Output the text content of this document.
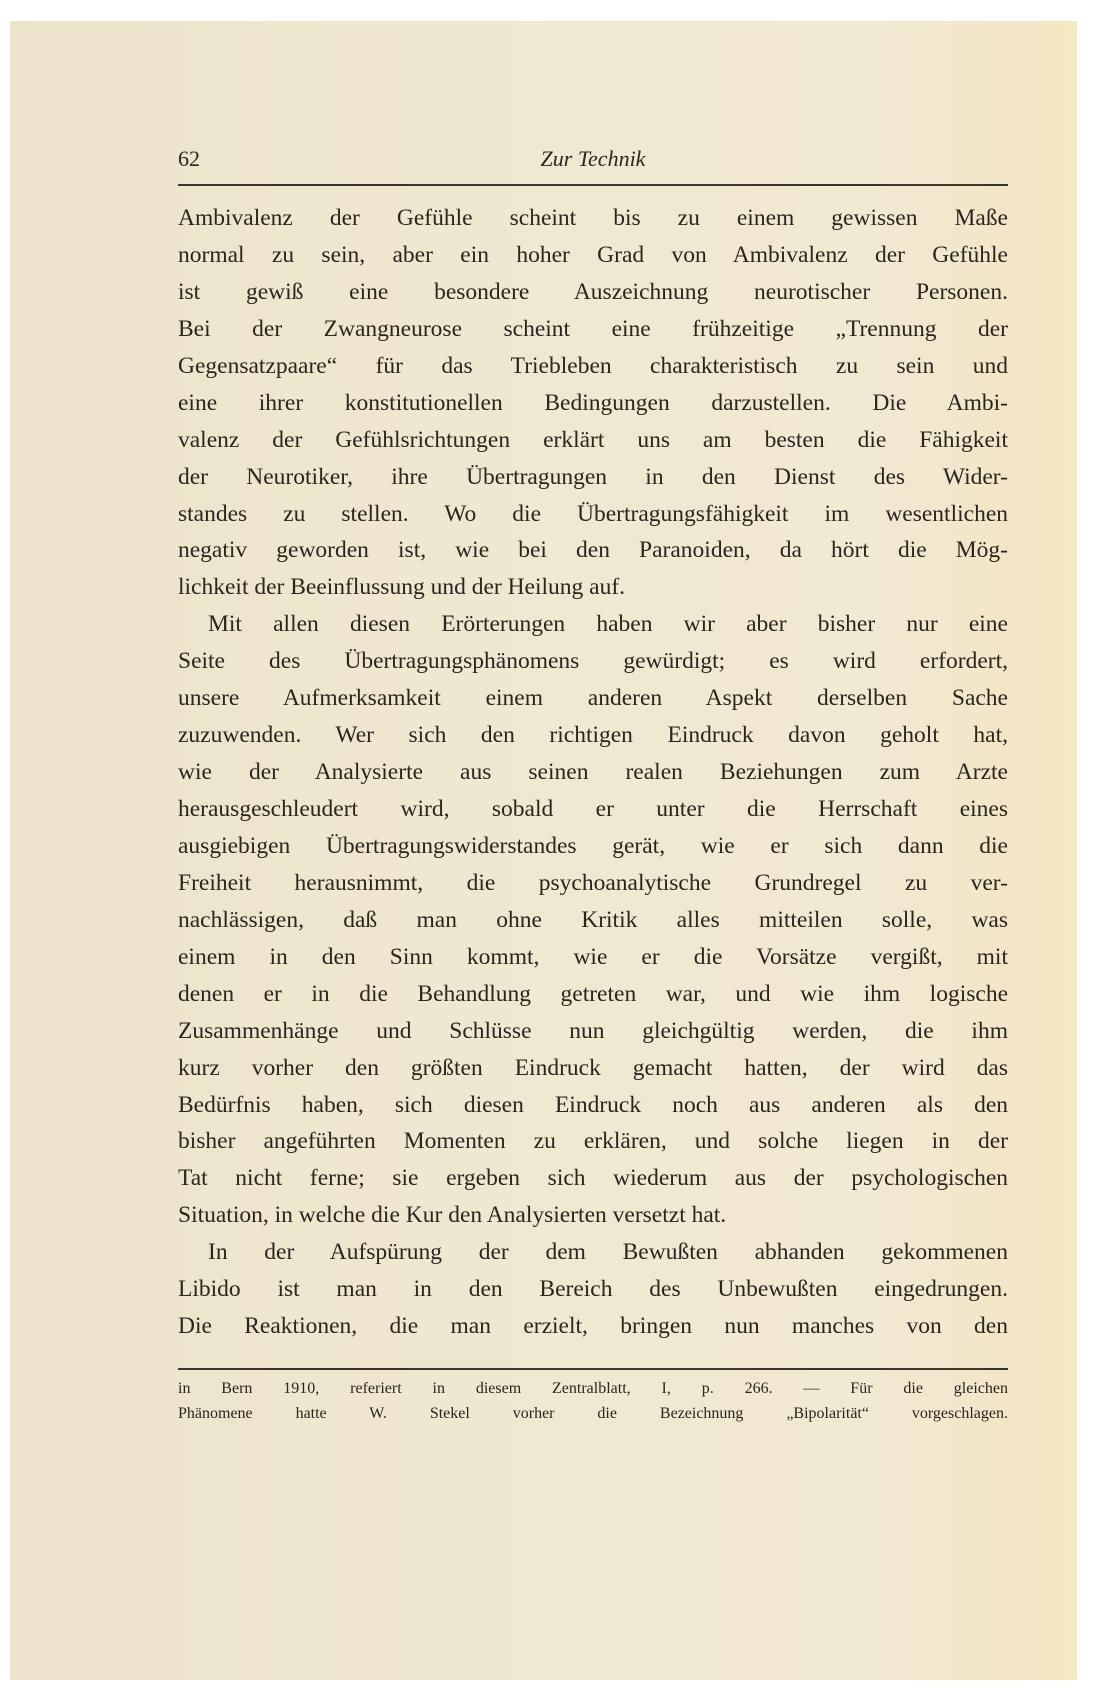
62	Zur Technik
Ambivalenz der Gefühle scheint bis zu einem gewissen Maße
normal zu sein, aber ein hoher Grad von Ambivalenz der Gefühle
ist gewiß eine besondere Auszeichnung neurotischer Personen.
Bei der Zwangneurose scheint eine frühzeitige „Trennung der
Gegensatzpaare“ für das Triebleben charakteristisch zu sein und
eine ihrer konstitutionellen Bedingungen darzustellen. Die Ambi-
valenz der Gefühlsrichtungen erklärt uns am besten die Fähigkeit
der Neurotiker, ihre Übertragungen in den Dienst des Wider-
standes zu stellen. Wo die Übertragungsfähigkeit im wesentlichen
negativ geworden ist, wie bei den Paranoiden, da hört die Mög-
lichkeit der Beeinflussung und der Heilung auf.
Mit allen diesen Erörterungen haben wir aber bisher nur eine
Seite des Übertragungsphänomens gewürdigt; es wird erfordert,
unsere Aufmerksamkeit einem anderen Aspekt derselben Sache
zuzuwenden. Wer sich den richtigen Eindruck davon geholt hat,
wie der Analysierte aus seinen realen Beziehungen zum Arzte
herausgeschleudert wird, sobald er unter die Herrschaft eines
ausgiebigen Übertragungswiderstandes gerät, wie er sich dann die
Freiheit herausnimmt, die psychoanalytische Grundregel zu ver-
nachlässigen, daß man ohne Kritik alles mitteilen solle, was
einem in den Sinn kommt, wie er die Vorsätze vergißt, mit
denen er in die Behandlung getreten war, und wie ihm logische
Zusammenhänge und Schlüsse nun gleichgültig werden, die ihm
kurz vorher den größten Eindruck gemacht hatten, der wird das
Bedürfnis haben, sich diesen Eindruck noch aus anderen als den
bisher angeführten Momenten zu erklären, und solche liegen in der
Tat nicht ferne; sie ergeben sich wiederum aus der psychologischen
Situation, in welche die Kur den Analysierten versetzt hat.
In der Aufspürung der dem Bewußten abhanden gekommenen
Libido ist man in den Bereich des Unbewußten eingedrungen.
Die Reaktionen, die man erzielt, bringen nun manches von den
in Bern 1910, referiert in diesem Zentralblatt, I, p. 266. — Für die gleichen
Phänomene hatte W. Stekel vorher die Bezeichnung „Bipolarität“ vorgeschlagen.
